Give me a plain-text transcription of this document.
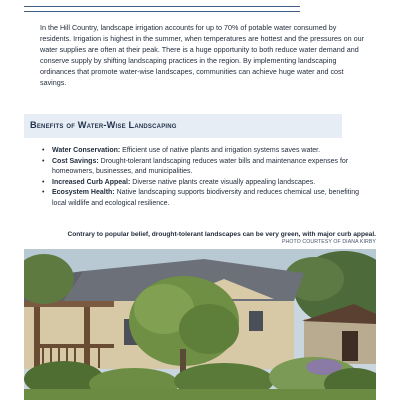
In the Hill Country, landscape irrigation accounts for up to 70% of potable water consumed by residents. Irrigation is highest in the summer, when temperatures are hottest and the pressures on our water supplies are often at their peak. There is a huge opportunity to both reduce water demand and conserve supply by shifting landscaping practices in the region. By implementing landscaping ordinances that promote water-wise landscapes, communities can achieve huge water and cost savings.

Benefits of Water-Wise Landscaping
• Water Conservation: Efficient use of native plants and irrigation systems saves water.
• Cost Savings: Drought-tolerant landscaping reduces water bills and maintenance expenses for homeowners, businesses, and municipalities.
• Increased Curb Appeal: Diverse native plants create visually appealing landscapes.
• Ecosystem Health: Native landscaping supports biodiversity and reduces chemical use, benefiting local wildlife and ecological resilience.
Contrary to popular belief, drought-tolerant landscapes can be very green, with major curb appeal.
PHOTO COURTESY OF DIANA KIRBY
